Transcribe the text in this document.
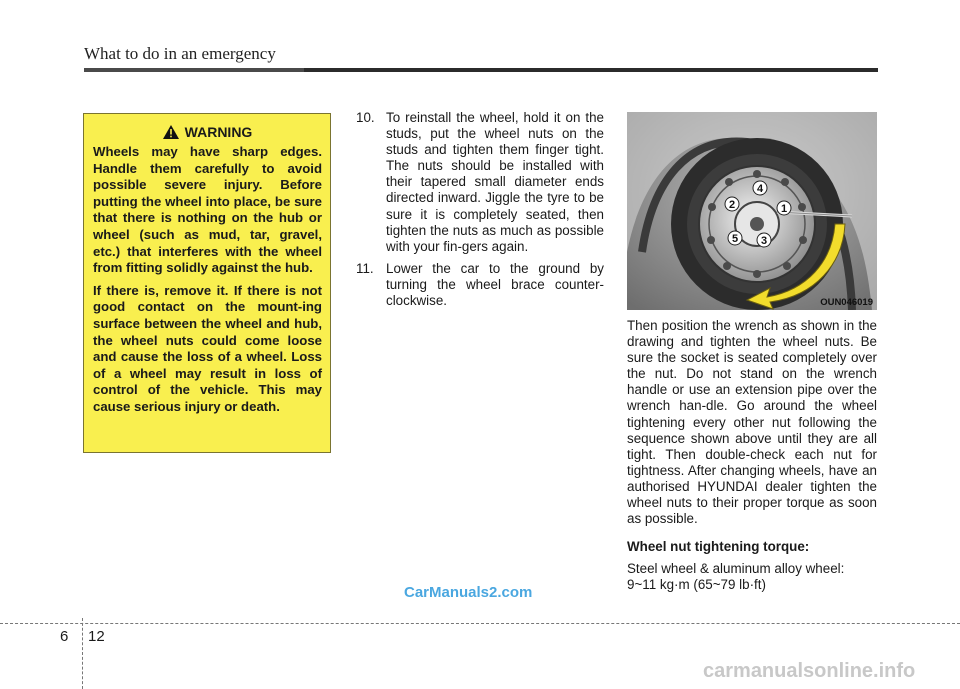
What to do in an emergency
WARNING

Wheels may have sharp edges. Handle them carefully to avoid possible severe injury. Before putting the wheel into place, be sure that there is nothing on the hub or wheel (such as mud, tar, gravel, etc.) that interferes with the wheel from fitting solidly against the hub.

If there is, remove it. If there is not good contact on the mount-ing surface between the wheel and hub, the wheel nuts could come loose and cause the loss of a wheel. Loss of a wheel may result in loss of control of the vehicle. This may cause serious injury or death.

10. To reinstall the wheel, hold it on the studs, put the wheel nuts on the studs and tighten them finger tight. The nuts should be installed with their tapered small diameter ends directed inward. Jiggle the tyre to be sure it is completely seated, then tighten the nuts as much as possible with your fin-gers again.
11. Lower the car to the ground by turning the wheel brace counter-clockwise.
1
2
3
4
5
OUN046019

Then position the wrench as shown in the drawing and tighten the wheel nuts. Be sure the socket is seated completely over the nut. Do not stand on the wrench handle or use an extension pipe over the wrench han-dle. Go around the wheel tightening every other nut following the sequence shown above until they are all tight. Then double-check each nut for tightness. After changing wheels, have an authorised HYUNDAI dealer tighten the wheel nuts to their proper torque as soon as possible.

Wheel nut tightening torque:

Steel wheel & aluminum alloy wheel: 9~11 kg·m (65~79 lb·ft)

CarManuals2.com
6 12
carmanualsonline.info
